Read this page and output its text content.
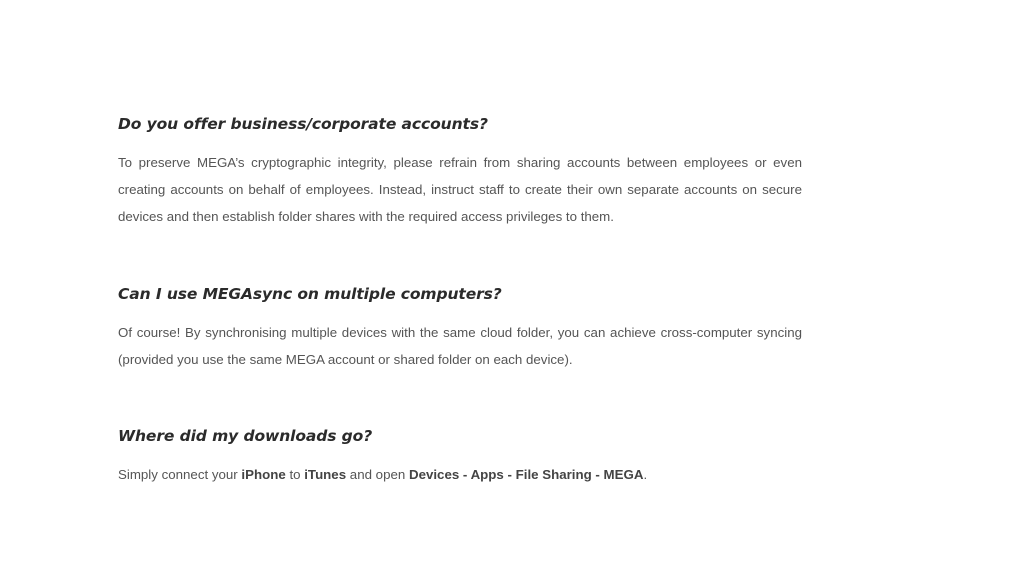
Do you offer business/corporate accounts?

To preserve MEGA’s cryptographic integrity, please refrain from sharing accounts between employees or even creating accounts on behalf of employees. Instead, instruct staff to create their own separate accounts on secure devices and then establish folder shares with the required access privileges to them.

Can I use MEGAsync on multiple computers?

Of course! By synchronising multiple devices with the same cloud folder, you can achieve cross-computer syncing (provided you use the same MEGA account or shared folder on each device).

Where did my downloads go?

Simply connect your iPhone to iTunes and open Devices - Apps - File Sharing - MEGA.
